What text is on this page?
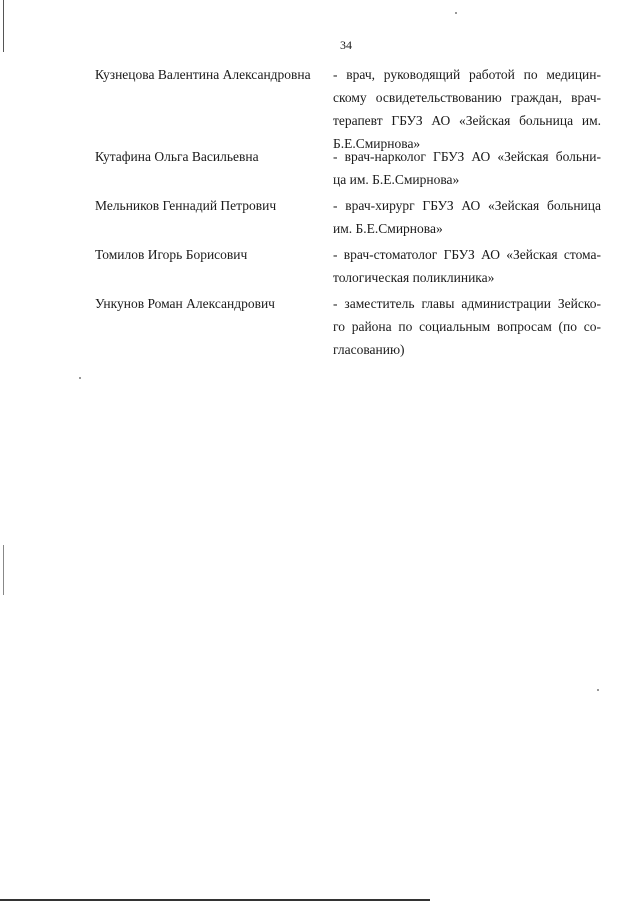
34
Кузнецова Валентина Александровна - врач, руководящий работой по медицин-
скому освидетельствованию граждан, врач-
терапевт ГБУЗ АО «Зейская больница им.
Б.Е.Смирнова»
Кутафина Ольга Васильевна	- врач-нарколог ГБУЗ АО «Зейская больни-
ца им. Б.Е.Смирнова»
Мельников Геннадий Петрович	- врач-хирург ГБУЗ АО «Зейская больница
им. Б.Е.Смирнова»
Томилов Игорь Борисович	- врач-стоматолог ГБУЗ АО «Зейская стома-
тологическая поликлиника»
Ункунов Роман Александрович	- заместитель главы администрации Зейско-
го района по социальным вопросам (по со-
гласованию)
